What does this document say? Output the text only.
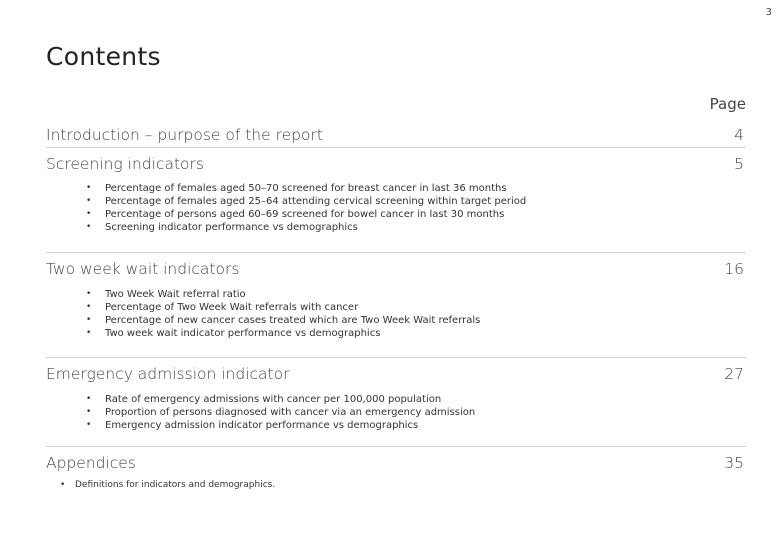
3
Contents
Page
Introduction – purpose of the report	4
Screening indicators	5
• Percentage of females aged 50–70 screened for breast cancer in last 36 months
• Percentage of females aged 25–64 attending cervical screening within target period
• Percentage of persons aged 60–69 screened for bowel cancer in last 30 months
• Screening indicator performance vs demographics
Two week wait indicators	16
• Two Week Wait referral ratio
• Percentage of Two Week Wait referrals with cancer
• Percentage of new cancer cases treated which are Two Week Wait referrals
• Two week wait indicator performance vs demographics
Emergency admission indicator	27
• Rate of emergency admissions with cancer per 100,000 population
• Proportion of persons diagnosed with cancer via an emergency admission
• Emergency admission indicator performance vs demographics
Appendices	35
• Definitions for indicators and demographics.
